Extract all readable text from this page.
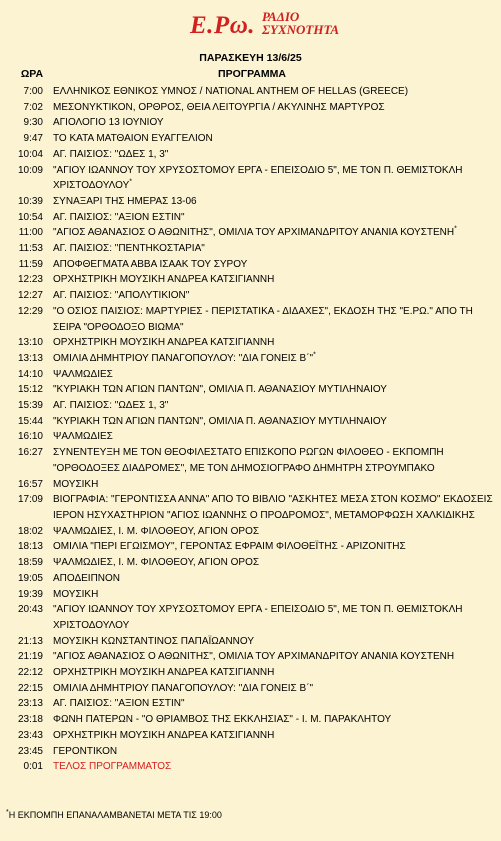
Ε.Ρω. ΡΑΔΙΟ
ΣΥΧΝΟΤΗΤΑ
ΠΑΡΑΣΚΕΥΗ 13/6/25
ΩΡΑ	ΠΡΟΓΡΑΜΜΑ
7:00	ΕΛΛΗΝΙΚΟΣ ΕΘΝΙΚΟΣ ΥΜΝΟΣ / NATIONAL ANTHEM OF HELLAS (GREECE)
7:02	ΜΕΣΟΝΥΚΤΙΚΟΝ, ΟΡΘΡΟΣ, ΘΕΙΑ ΛΕΙΤΟΥΡΓΙΑ / ΑΚΥΛΙΝΗΣ ΜΑΡΤΥΡΟΣ
9:30	ΑΓΙΟΛΟΓΙΟ 13 ΙΟΥΝΙΟΥ
9:47	ΤΟ ΚΑΤΑ ΜΑΤΘΑΙΟΝ ΕΥΑΓΓΕΛΙΟΝ
10:04	ΑΓ. ΠΑΙΣΙΟΣ: "ΩΔΕΣ 1, 3"
10:09	"ΑΓΙΟΥ ΙΩΑΝΝΟΥ ΤΟΥ ΧΡΥΣΟΣΤΟΜΟΥ ΕΡΓΑ - ΕΠΕΙΣΟΔΙΟ 5", ΜΕ ΤΟΝ Π. ΘΕΜΙΣΤΟΚΛΗ ΧΡΙΣΤΟΔΟΥΛΟΥ*
10:39	ΣΥΝΑΞΑΡΙ ΤΗΣ ΗΜΕΡΑΣ 13-06
10:54	ΑΓ. ΠΑΙΣΙΟΣ: "ΑΞΙΟΝ ΕΣΤΙΝ"
11:00	"ΑΓΙΟΣ ΑΘΑΝΑΣΙΟΣ Ο ΑΘΩΝΙΤΗΣ", ΟΜΙΛΙΑ ΤΟΥ ΑΡΧΙΜΑΝΔΡΙΤΟΥ ΑΝΑΝΙΑ ΚΟΥΣΤΕΝΗ*
11:53	ΑΓ. ΠΑΙΣΙΟΣ: "ΠΕΝΤΗΚΟΣΤΑΡΙΑ"
11:59	ΑΠΟΦΘΕΓΜΑΤΑ ΑΒΒΑ ΙΣΑΑΚ ΤΟΥ ΣΥΡΟΥ
12:23	ΟΡΧΗΣΤΡΙΚΗ ΜΟΥΣΙΚΗ ΑΝΔΡΕΑ ΚΑΤΣΙΓΙΑΝΝΗ
12:27	ΑΓ. ΠΑΙΣΙΟΣ: "ΑΠΟΛΥΤΙΚΙΟΝ"
12:29	"Ο ΟΣΙΟΣ ΠΑΙΣΙΟΣ: ΜΑΡΤΥΡΙΕΣ - ΠΕΡΙΣΤΑΤΙΚΑ - ΔΙΔΑΧΕΣ", ΕΚΔΟΣΗ ΤΗΣ "Ε.ΡΩ." ΑΠΟ ΤΗ ΣΕΙΡΑ "ΟΡΘΟΔΟΞΟ ΒΙΩΜΑ"
13:10	ΟΡΧΗΣΤΡΙΚΗ ΜΟΥΣΙΚΗ ΑΝΔΡΕΑ ΚΑΤΣΙΓΙΑΝΝΗ
13:13	ΟΜΙΛΙΑ ΔΗΜΗΤΡΙΟΥ ΠΑΝΑΓΟΠΟΥΛΟΥ: "ΔΙΑ ΓΟΝΕΙΣ Β΄"*
14:10	ΨΑΛΜΩΔΙΕΣ
15:12	"ΚΥΡΙΑΚΗ ΤΩΝ ΑΓΙΩΝ ΠΑΝΤΩΝ", ΟΜΙΛΙΑ Π. ΑΘΑΝΑΣΙΟΥ ΜΥΤΙΛΗΝΑΙΟΥ
15:39	ΑΓ. ΠΑΙΣΙΟΣ: "ΩΔΕΣ 1, 3"
15:44	"ΚΥΡΙΑΚΗ ΤΩΝ ΑΓΙΩΝ ΠΑΝΤΩΝ", ΟΜΙΛΙΑ Π. ΑΘΑΝΑΣΙΟΥ ΜΥΤΙΛΗΝΑΙΟΥ
16:10	ΨΑΛΜΩΔΙΕΣ
16:27	ΣΥΝΕΝΤΕΥΞΗ ΜΕ ΤΟΝ ΘΕΟΦΙΛΕΣΤΑΤΟ ΕΠΙΣΚΟΠΟ ΡΩΓΩΝ ΦΙΛΟΘΕΟ - ΕΚΠΟΜΠΗ "ΟΡΘΟΔΟΞΕΣ ΔΙΑΔΡΟΜΕΣ", ΜΕ ΤΟΝ ΔΗΜΟΣΙΟΓΡΑΦΟ ΔΗΜΗΤΡΗ ΣΤΡΟΥΜΠΑΚΟ
16:57	ΜΟΥΣΙΚΗ
17:09	ΒΙΟΓΡΑΦΙΑ: "ΓΕΡΟΝΤΙΣΣΑ ΑΝΝΑ" ΑΠΟ ΤΟ ΒΙΒΛΙΟ "ΑΣΚΗΤΕΣ ΜΕΣΑ ΣΤΟΝ ΚΟΣΜΟ" ΕΚΔΟΣΕΙΣ ΙΕΡΟΝ ΗΣΥΧΑΣΤΗΡΙΟΝ "ΑΓΙΟΣ ΙΩΑΝΝΗΣ Ο ΠΡΟΔΡΟΜΟΣ", ΜΕΤΑΜΟΡΦΩΣΗ ΧΑΛΚΙΔΙΚΗΣ
18:02	ΨΑΛΜΩΔΙΕΣ, Ι. Μ. ΦΙΛΟΘΕΟΥ, ΑΓΙΟΝ ΟΡΟΣ
18:13	ΟΜΙΛΙΑ "ΠΕΡΙ ΕΓΩΙΣΜΟΥ", ΓΕΡΟΝΤΑΣ ΕΦΡΑΙΜ ΦΙΛΟΘΕΪΤΗΣ - ΑΡΙΖΟΝΙΤΗΣ
18:59	ΨΑΛΜΩΔΙΕΣ, Ι. Μ. ΦΙΛΟΘΕΟΥ, ΑΓΙΟΝ ΟΡΟΣ
19:05	ΑΠΟΔΕΙΠΝΟΝ
19:39	ΜΟΥΣΙΚΗ
20:43	"ΑΓΙΟΥ ΙΩΑΝΝΟΥ ΤΟΥ ΧΡΥΣΟΣΤΟΜΟΥ ΕΡΓΑ - ΕΠΕΙΣΟΔΙΟ 5", ΜΕ ΤΟΝ Π. ΘΕΜΙΣΤΟΚΛΗ ΧΡΙΣΤΟΔΟΥΛΟΥ
21:13	ΜΟΥΣΙΚΗ ΚΩΝΣΤΑΝΤΙΝΟΣ ΠΑΠΑΪΩΑΝΝΟΥ
21:19	"ΑΓΙΟΣ ΑΘΑΝΑΣΙΟΣ Ο ΑΘΩΝΙΤΗΣ", ΟΜΙΛΙΑ ΤΟΥ ΑΡΧΙΜΑΝΔΡΙΤΟΥ ΑΝΑΝΙΑ ΚΟΥΣΤΕΝΗ
22:12	ΟΡΧΗΣΤΡΙΚΗ ΜΟΥΣΙΚΗ ΑΝΔΡΕΑ ΚΑΤΣΙΓΙΑΝΝΗ
22:15	ΟΜΙΛΙΑ ΔΗΜΗΤΡΙΟΥ ΠΑΝΑΓΟΠΟΥΛΟΥ: "ΔΙΑ ΓΟΝΕΙΣ Β΄"
23:13	ΑΓ. ΠΑΙΣΙΟΣ: "ΑΞΙΟΝ ΕΣΤΙΝ"
23:18	ΦΩΝΗ ΠΑΤΕΡΩΝ - "Ο ΘΡΙΑΜΒΟΣ ΤΗΣ ΕΚΚΛΗΣΙΑΣ" - Ι. Μ. ΠΑΡΑΚΛΗΤΟΥ
23:43	ΟΡΧΗΣΤΡΙΚΗ ΜΟΥΣΙΚΗ ΑΝΔΡΕΑ ΚΑΤΣΙΓΙΑΝΝΗ
23:45	ΓΕΡΟΝΤΙΚΟΝ
0:01	ΤΕΛΟΣ ΠΡΟΓΡΑΜΜΑΤΟΣ
*Η ΕΚΠΟΜΠΗ ΕΠΑΝΑΛΑΜΒΑΝΕΤΑΙ ΜΕΤΑ ΤΙΣ 19:00
